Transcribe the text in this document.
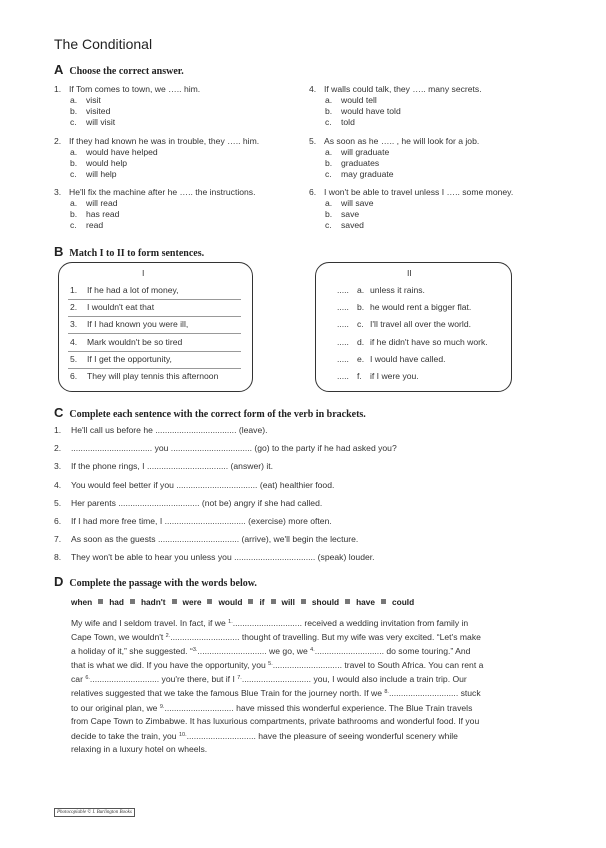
The Conditional
A Choose the correct answer.
1. If Tom comes to town, we ….. him.
a. visit
b. visited
c. will visit
2. If they had known he was in trouble, they ….. him.
a. would have helped
b. would help
c. will help
3. He'll fix the machine after he ….. the instructions.
a. will read
b. has read
c. read
4. If walls could talk, they ….. many secrets.
a. would tell
b. would have told
c. told
5. As soon as he ….. , he will look for a job.
a. will graduate
b. graduates
c. may graduate
6. I won't be able to travel unless I ….. some money.
a. will save
b. save
c. saved
B Match I to II to form sentences.
I	II
1. If he had a lot of money,
2. I wouldn't eat that
3. If I had known you were ill,
4. Mark wouldn't be so tired
5. If I get the opportunity,
6. They will play tennis this afternoon
..... a. unless it rains.
..... b. he would rent a bigger flat.
..... c. I'll travel all over the world.
..... d. if he didn't have so much work.
..... e. I would have called.
..... f. if I were you.
C Complete each sentence with the correct form of the verb in brackets.
1. He'll call us before he .................................. (leave).
2. .................................. you .................................. (go) to the party if he had asked you?
3. If the phone rings, I .................................. (answer) it.
4. You would feel better if you .................................. (eat) healthier food.
5. Her parents .................................. (not be) angry if she had called.
6. If I had more free time, I .................................. (exercise) more often.
7. As soon as the guests .................................. (arrive), we'll begin the lecture.
8. They won't be able to hear you unless you .................................. (speak) louder.
D Complete the passage with the words below.
when had hadn't were would if will should have could
My wife and I seldom travel. In fact, if we $^{1.}$............................. received a wedding invitation from family in
Cape Town, we wouldn't $^{2.}$............................. thought of travelling. But my wife was very excited. “Let's make
a holiday of it,” she suggested. “$^{3.}$............................. we go, we $^{4.}$............................. do some touring.” And
that is what we did. If you have the opportunity, you $^{5.}$............................. travel to South Africa. You can rent a
car $^{6.}$............................. you're there, but if I $^{7.}$............................. you, I would also include a train trip. Our
relatives suggested that we take the famous Blue Train for the journey north. If we $^{8.}$............................. stuck
to our original plan, we $^{9.}$............................. have missed this wonderful experience. The Blue Train travels
from Cape Town to Zimbabwe. It has luxurious compartments, private bathrooms and wonderful food. If you
decide to take the train, you $^{10.}$............................. have the pleasure of seeing wonderful scenery while
relaxing in a luxury hotel on wheels.
Photocopiable © I. Burlington Books
